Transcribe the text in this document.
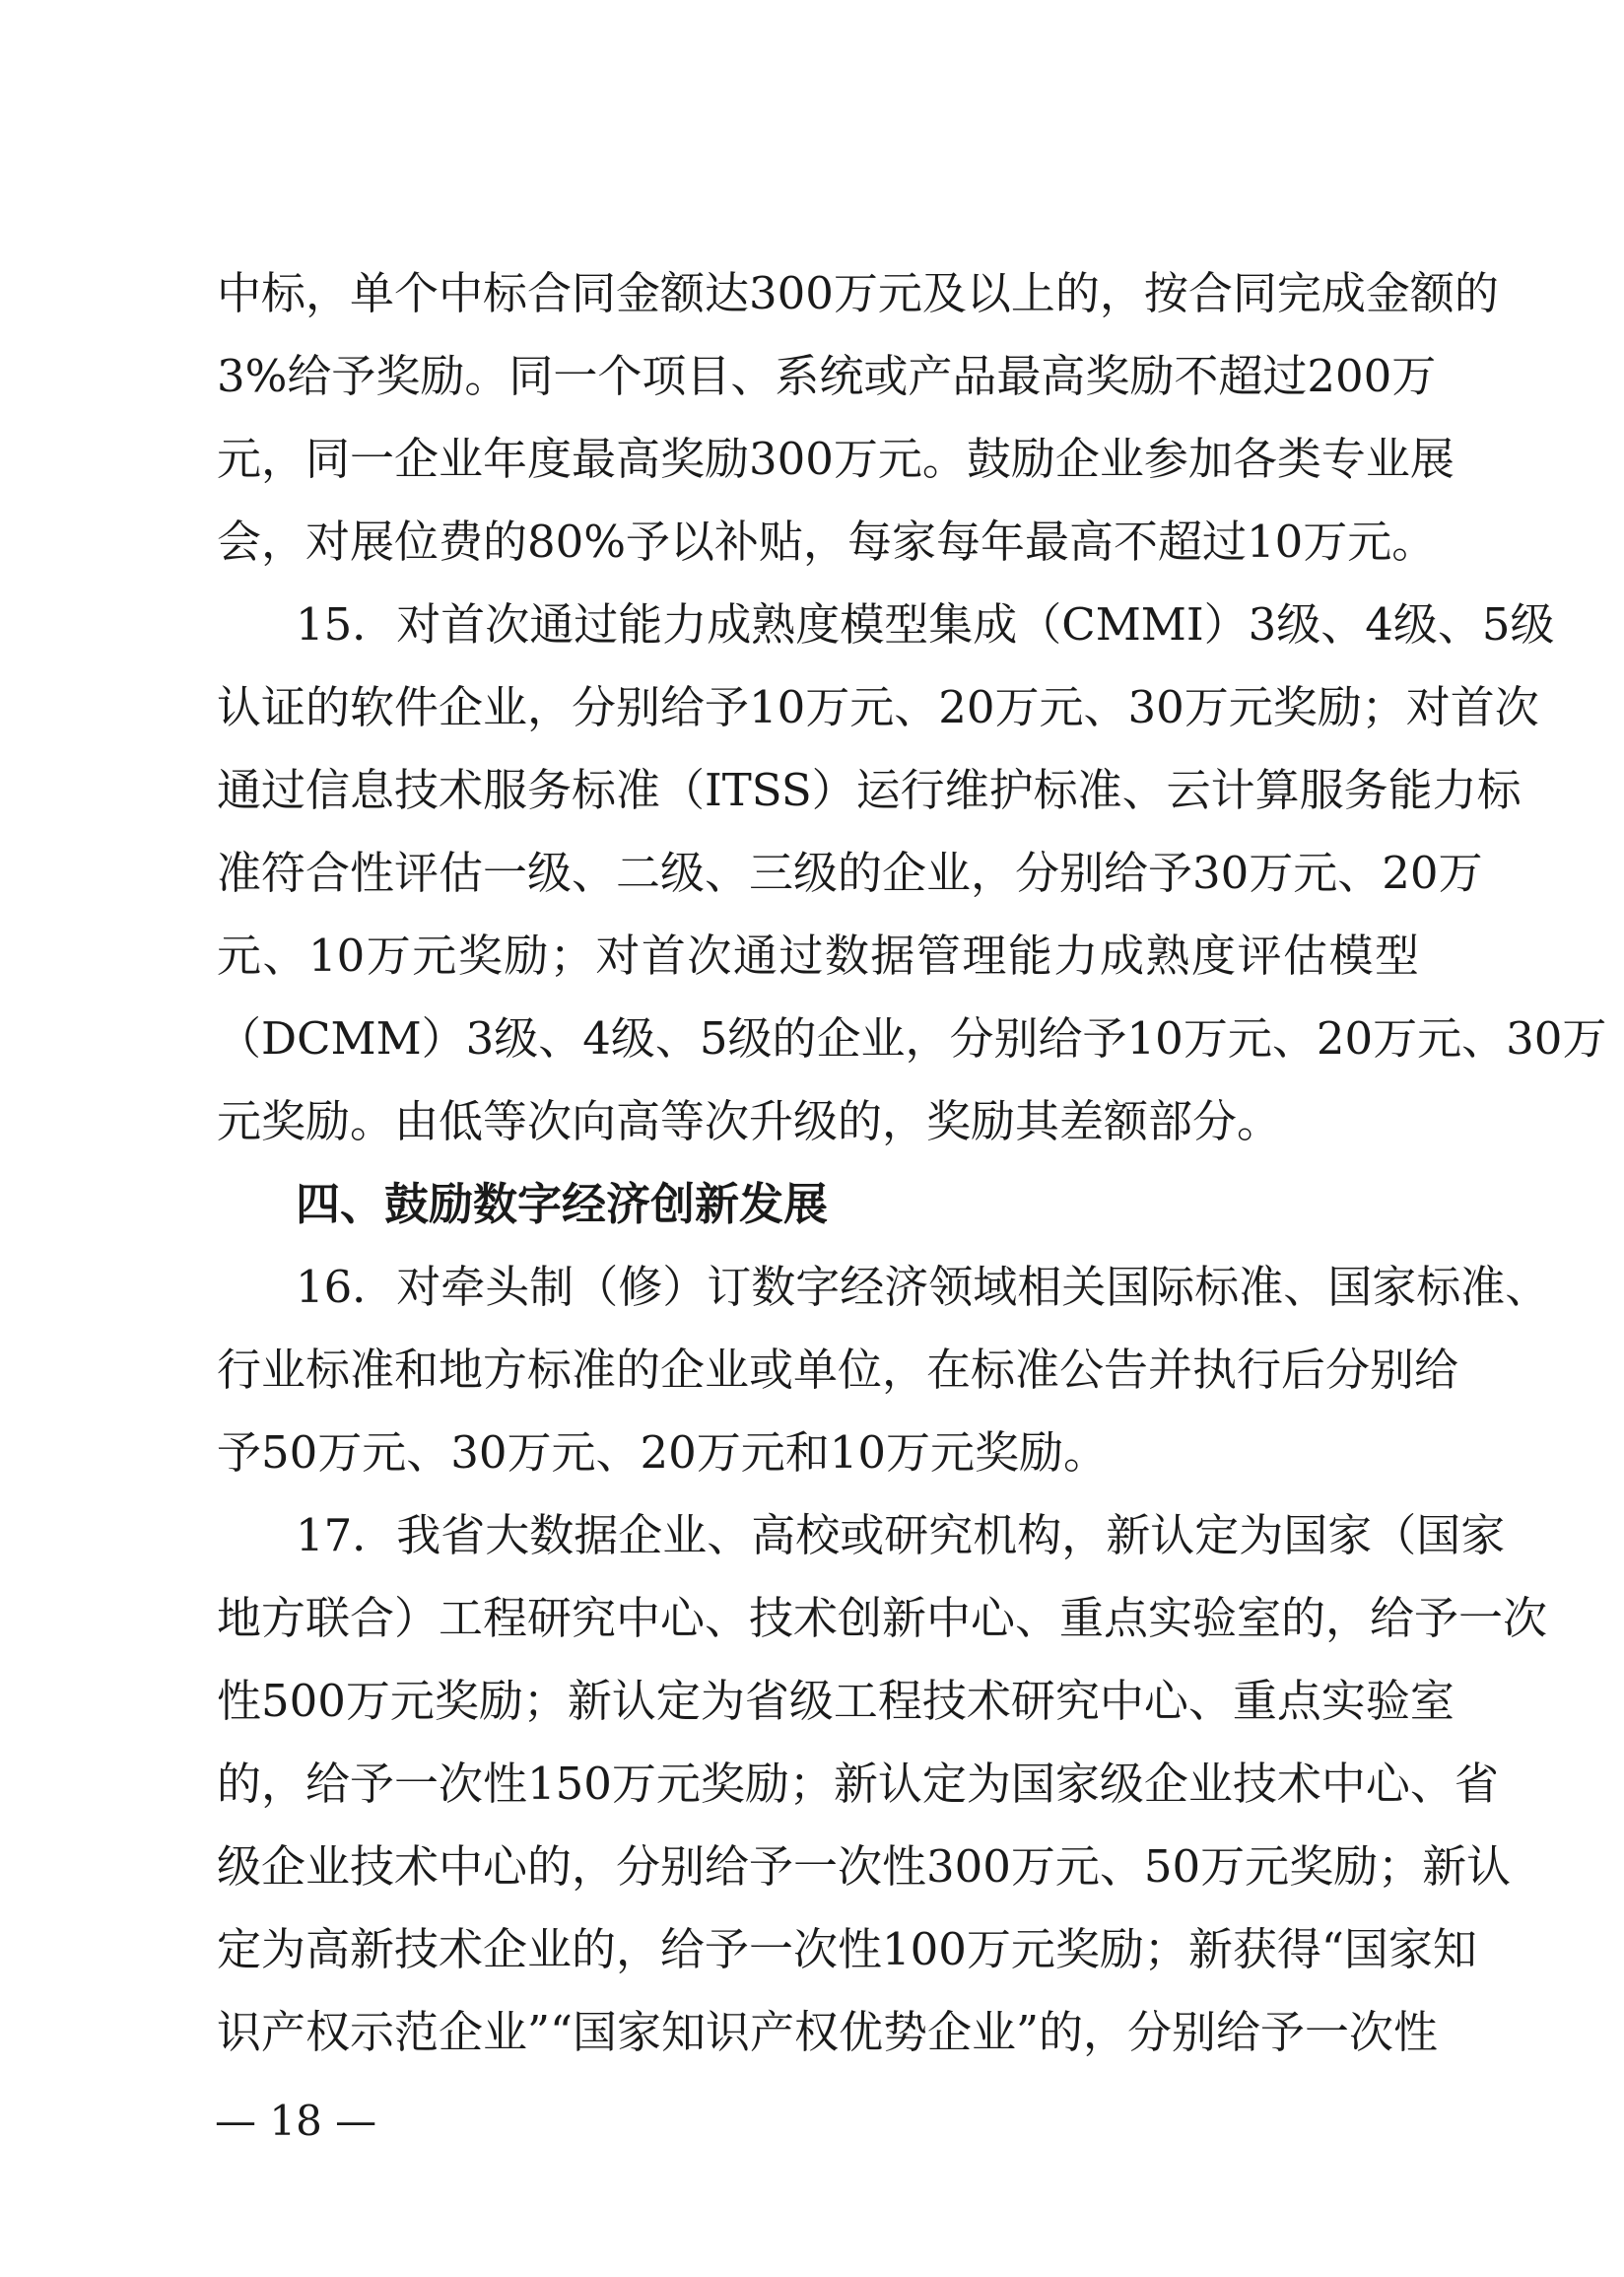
中标，单个中标合同金额达300万元及以上的，按合同完成金额的
3%给予奖励。同一个项目、系统或产品最高奖励不超过200万
元，同一企业年度最高奖励300万元。鼓励企业参加各类专业展
会，对展位费的80%予以补贴，每家每年最高不超过10万元。
15．对首次通过能力成熟度模型集成（CMMI）3级、4级、5级
认证的软件企业，分别给予10万元、20万元、30万元奖励；对首次
通过信息技术服务标准（ITSS）运行维护标准、云计算服务能力标
准符合性评估一级、二级、三级的企业，分别给予30万元、20万
元、10万元奖励；对首次通过数据管理能力成熟度评估模型
（DCMM）3级、4级、5级的企业，分别给予10万元、20万元、30万
元奖励。由低等次向高等次升级的，奖励其差额部分。
四、鼓励数字经济创新发展
16．对牵头制（修）订数字经济领域相关国际标准、国家标准、
行业标准和地方标准的企业或单位，在标准公告并执行后分别给
予50万元、30万元、20万元和10万元奖励。
17．我省大数据企业、高校或研究机构，新认定为国家（国家
地方联合）工程研究中心、技术创新中心、重点实验室的，给予一次
性500万元奖励；新认定为省级工程技术研究中心、重点实验室
的，给予一次性150万元奖励；新认定为国家级企业技术中心、省
级企业技术中心的，分别给予一次性300万元、50万元奖励；新认
定为高新技术企业的，给予一次性100万元奖励；新获得“国家知
识产权示范企业”“国家知识产权优势企业”的，分别给予一次性
— 18 —
